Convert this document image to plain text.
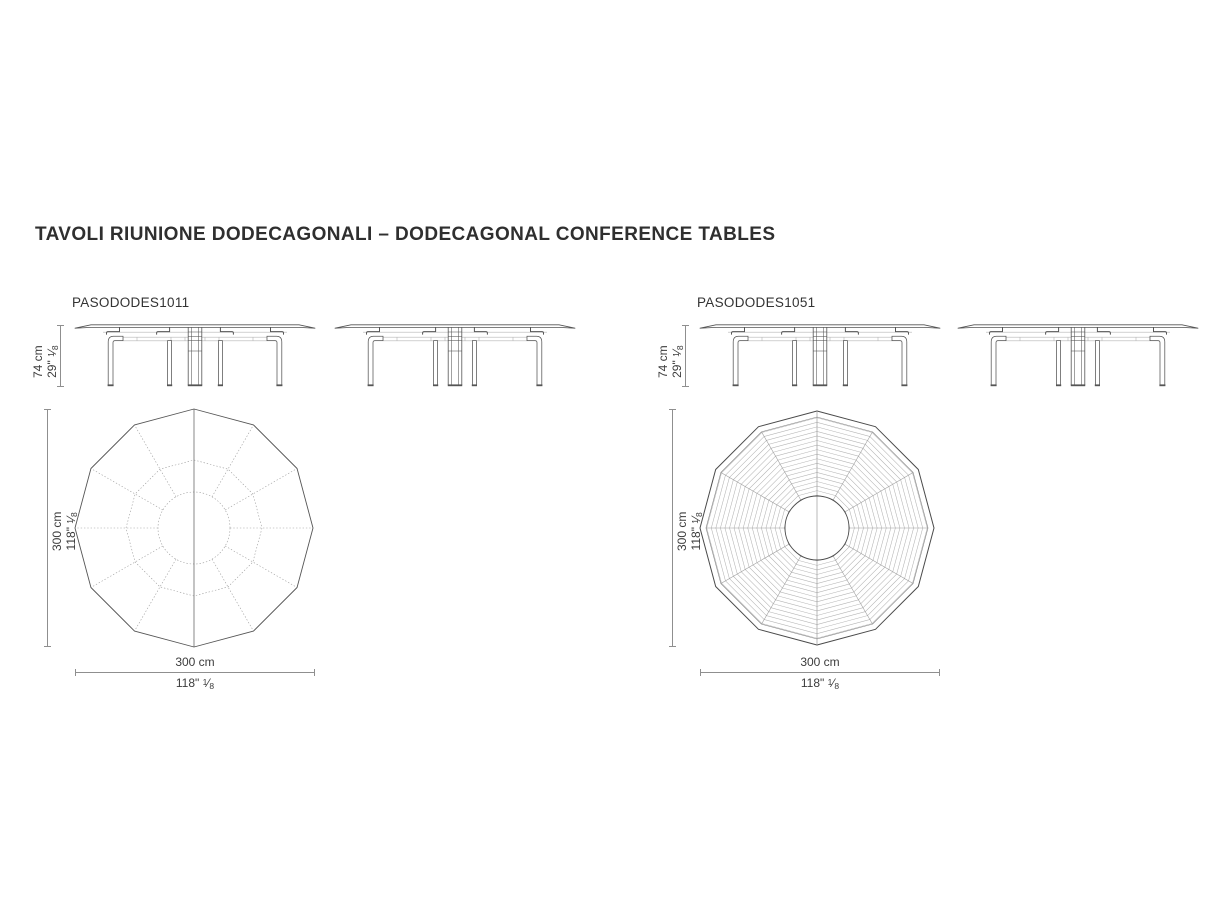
TAVOLI RIUNIONE DODECAGONALI – DODECAGONAL CONFERENCE TABLES
PASODODES1011
74 cm 29" $^1⁄_8$
300 cm 118" $^1⁄_8$
300 cm
118" $^1⁄_8$
PASODODES1051
74 cm 29" $^1⁄_8$
300 cm 118" $^1⁄_8$
300 cm
118" $^1⁄_8$
